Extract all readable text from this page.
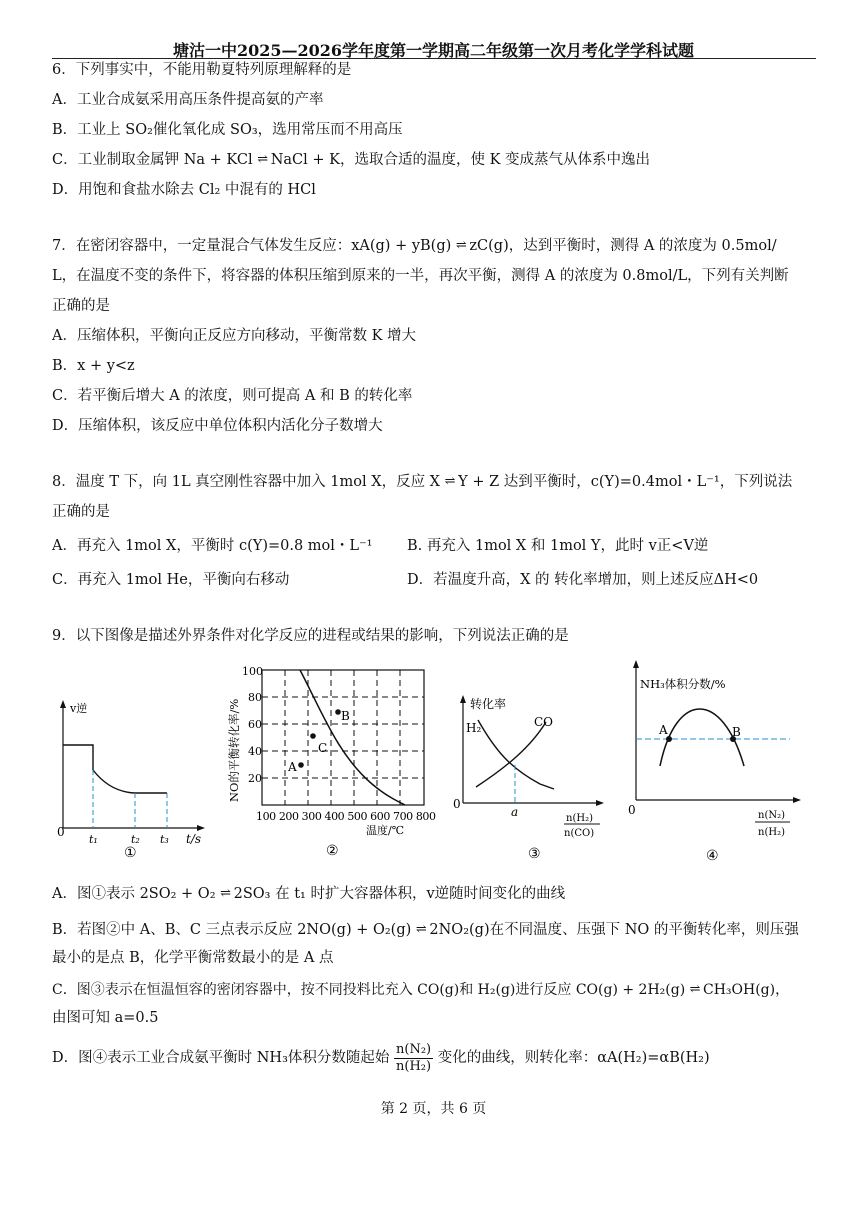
塘沽一中2025—2026学年度第一学期高二年级第一次月考化学学科试题
6．下列事实中，不能用勒夏特列原理解释的是
A．工业合成氨采用高压条件提高氨的产率
B．工业上 SO₂催化氧化成 SO₃，选用常压而不用高压
C．工业制取金属钾 Na + KCl ⇌ NaCl + K，选取合适的温度，使 K 变成蒸气从体系中逸出
D．用饱和食盐水除去 Cl₂ 中混有的 HCl
7．在密闭容器中，一定量混合气体发生反应：xA(g) + yB(g) ⇌ zC(g)，达到平衡时，测得 A 的浓度为 0.5mol/
L，在温度不变的条件下，将容器的体积压缩到原来的一半，再次平衡，测得 A 的浓度为 0.8mol/L，下列有关判断
正确的是
A．压缩体积，平衡向正反应方向移动，平衡常数 K 增大
B．x + y<z
C．若平衡后增大 A 的浓度，则可提高 A 和 B 的转化率
D．压缩体积，该反应中单位体积内活化分子数增大
8．温度 T 下，向 1L 真空刚性容器中加入 1mol X，反应 X ⇌ Y + Z 达到平衡时，c(Y)=0.4mol・L⁻¹，下列说法
正确的是
A．再充入 1mol X，平衡时 c(Y)=0.8 mol・L⁻¹ B. 再充入 1mol X 和 1mol Y，此时 v正<V逆
C．再充入 1mol He，平衡向右移动	D．若温度升高，X 的 转化率增加，则上述反应ΔH<0
9．以下图像是描述外界条件对化学反应的进程或结果的影响，下列说法正确的是
v逆
0
t₁	t₂ t₃ t/s
A
C
B
100
80
60
40
20
100 200 300 400 500 600 700 800
温度/℃
NO的平衡转化率/%	转化率
H₂	CO
0
a	n(H₂)
n(CO)
A	B
NH₃体积分数/%
0	n(N₂)
n(H₂)
①	②	③	④
A．图①表示 2SO₂ + O₂ ⇌ 2SO₃ 在 t₁ 时扩大容器体积，v逆随时间变化的曲线
B．若图②中 A、B、C 三点表示反应 2NO(g) + O₂(g) ⇌ 2NO₂(g)在不同温度、压强下 NO 的平衡转化率，则压强
最小的是点 B，化学平衡常数最小的是 A 点
C．图③表示在恒温恒容的密闭容器中，按不同投料比充入 CO(g)和 H₂(g)进行反应 CO(g) + 2H₂(g) ⇌ CH₃OH(g)，
由图可知 a=0.5
D．图④表示工业合成氨平衡时 NH₃体积分数随起始 $\frac{\text{n(N₂)}}{\text{n(H₂)}}$ 变化的曲线，则转化率：αA(H₂)=αB(H₂)
第 2 页，共 6 页
